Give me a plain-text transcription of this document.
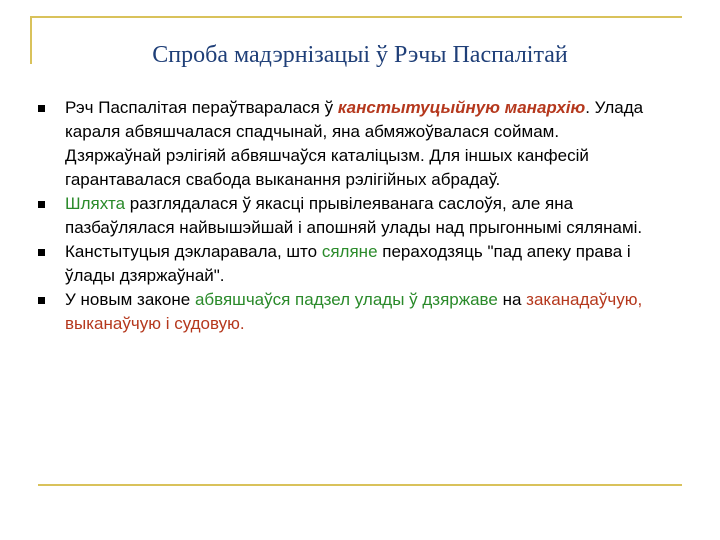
Спроба мадэрнізацыі ў Рэчы Паспалітай
Рэч Паспалітая пераўтваралася ў канстытуцыйную манархію. Улада караля абвяшчалася спадчынай, яна абмяжоўвалася соймам. Дзяржаўнай рэлігіяй абвяшчаўся каталіцызм. Для іншых канфесій гарантавалася свабода выканання рэлігійных абрадаў.
Шляхта разглядалася ў якасці прывілеяванага саслоўя, але яна пазбаўлялася найвышэйшай і апошняй улады над прыгоннымі сялянамі.
Канстытуцыя дэкларавала, што сяляне пераходзяць "пад апеку права і ўлады дзяржаўнай".
У новым законе абвяшчаўся падзел улады ў дзяржаве на заканадаўчую, выканаўчую і судовую.
